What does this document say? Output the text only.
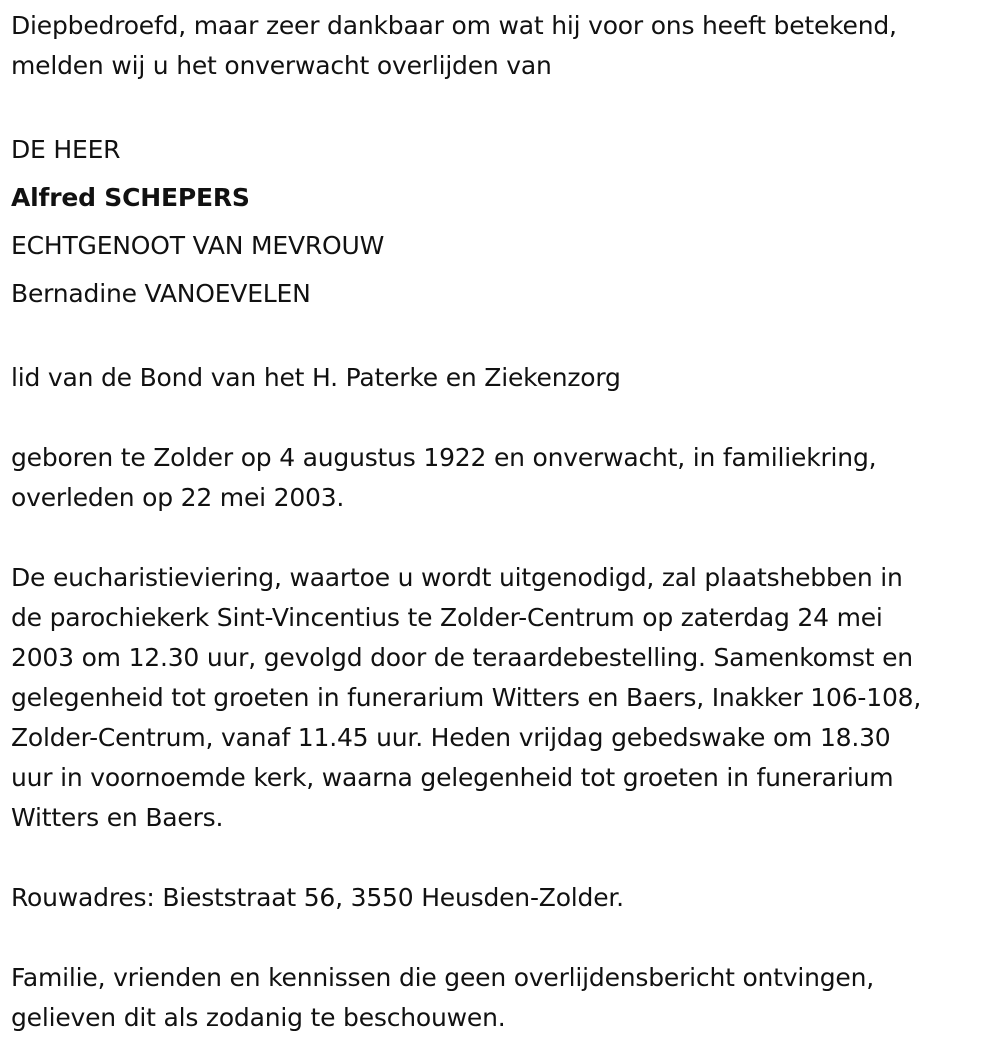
Diepbedroefd, maar zeer dankbaar om wat hij voor ons heeft betekend,
melden wij u het onverwacht overlijden van

DE HEER
Alfred SCHEPERS
ECHTGENOOT VAN MEVROUW
Bernadine VANOEVELEN

lid van de Bond van het H. Paterke en Ziekenzorg

geboren te Zolder op 4 augustus 1922 en onverwacht, in familiekring,
overleden op 22 mei 2003.

De eucharistieviering, waartoe u wordt uitgenodigd, zal plaatshebben in
de parochiekerk Sint-Vincentius te Zolder-Centrum op zaterdag 24 mei
2003 om 12.30 uur, gevolgd door de teraardebestelling. Samenkomst en
gelegenheid tot groeten in funerarium Witters en Baers, Inakker 106-108,
Zolder-Centrum, vanaf 11.45 uur. Heden vrijdag gebedswake om 18.30
uur in voornoemde kerk, waarna gelegenheid tot groeten in funerarium
Witters en Baers.

Rouwadres: Bieststraat 56, 3550 Heusden-Zolder.

Familie, vrienden en kennissen die geen overlijdensbericht ontvingen,
gelieven dit als zodanig te beschouwen.
